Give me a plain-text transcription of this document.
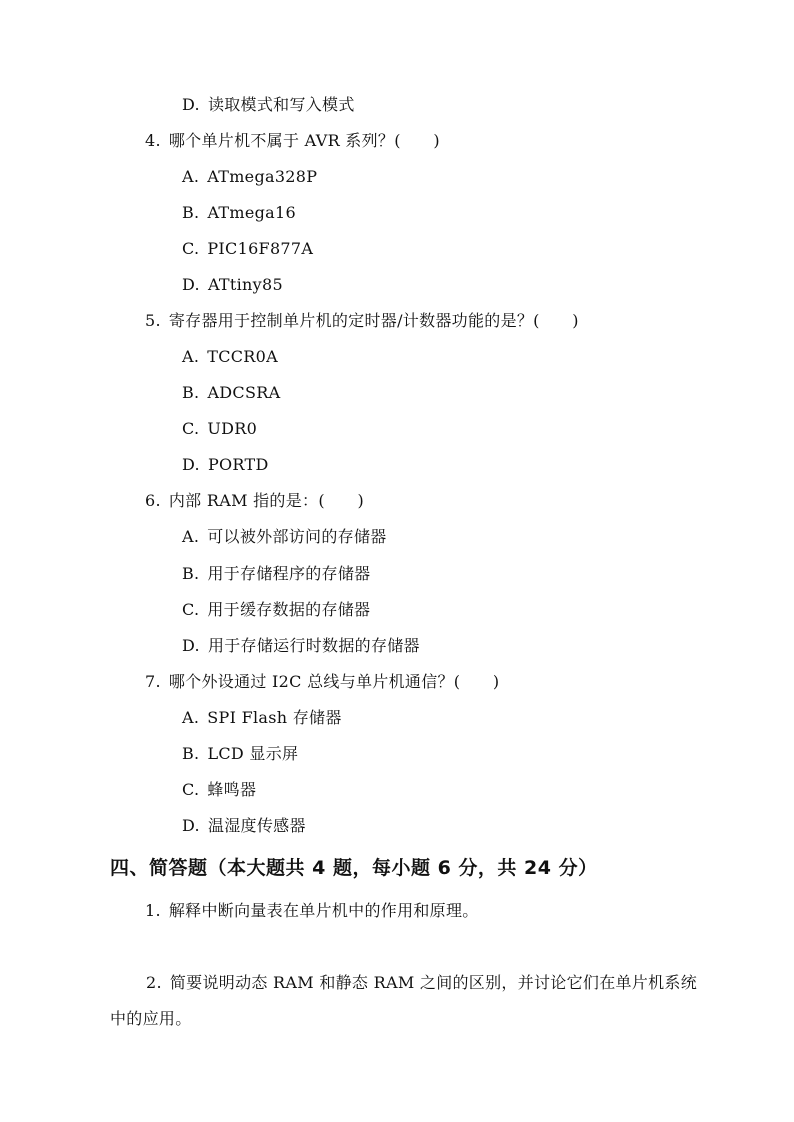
D. 读取模式和写入模式
4. 哪个单片机不属于 AVR 系列？(　　)
A. ATmega328P
B. ATmega16
C. PIC16F877A
D. ATtiny85
5. 寄存器用于控制单片机的定时器/计数器功能的是？(　　)
A. TCCR0A
B. ADCSRA
C. UDR0
D. PORTD
6. 内部 RAM 指的是：(　　)
A. 可以被外部访问的存储器
B. 用于存储程序的存储器
C. 用于缓存数据的存储器
D. 用于存储运行时数据的存储器
7. 哪个外设通过 I2C 总线与单片机通信？(　　)
A. SPI Flash 存储器
B. LCD 显示屏
C. 蜂鸣器
D. 温湿度传感器
四、简答题（本大题共 4 题，每小题 6 分，共 24 分）
1. 解释中断向量表在单片机中的作用和原理。
2. 简要说明动态 RAM 和静态 RAM 之间的区别，并讨论它们在单片机系统中的应用。
